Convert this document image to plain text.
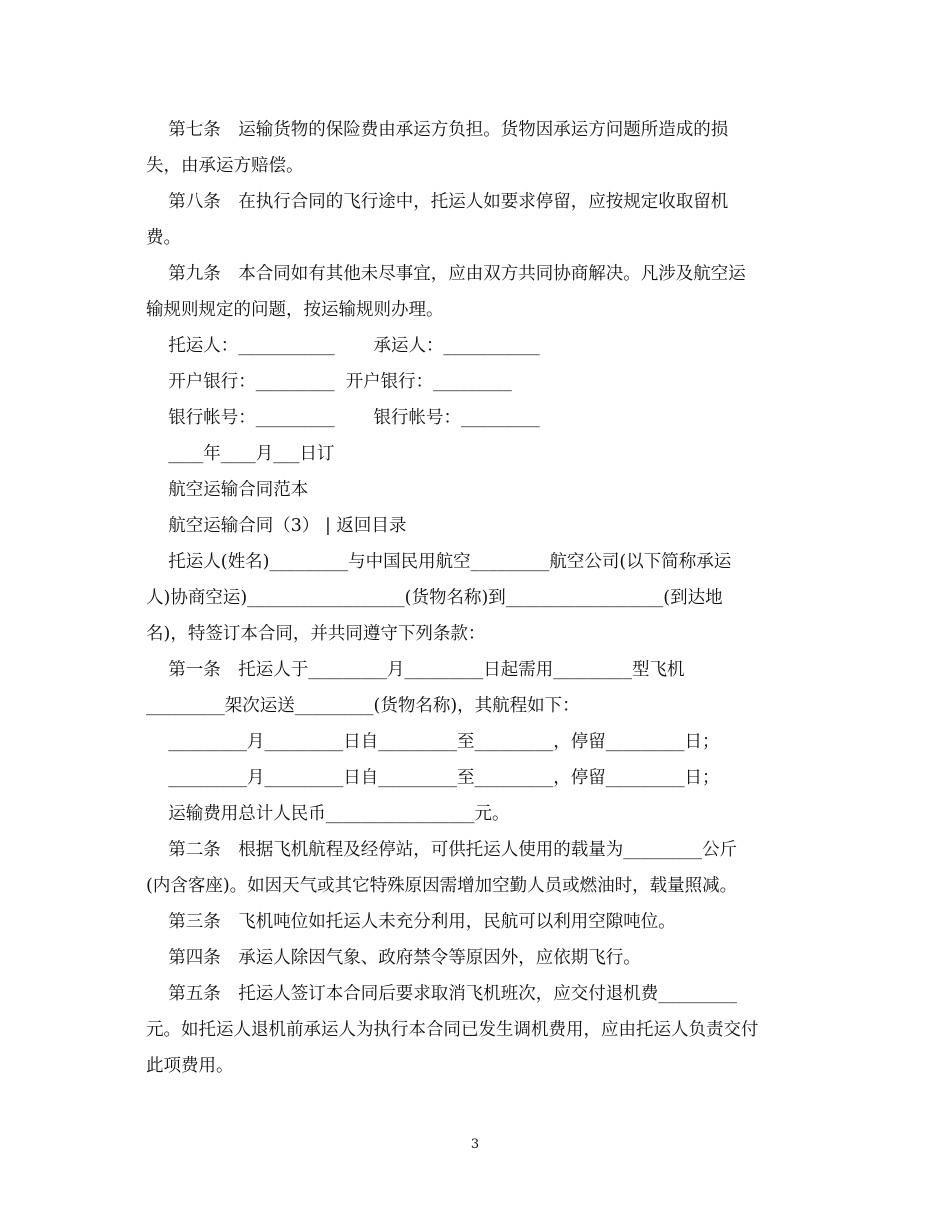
第七条　运输货物的保险费由承运方负担。货物因承运方问题所造成的损
失，由承运方赔偿。
第八条　在执行合同的飞行途中，托运人如要求停留，应按规定收取留机
费。
第九条　本合同如有其他未尽事宜，应由双方共同协商解决。凡涉及航空运
输规则规定的问题，按运输规则办理。
托运人：___________       承运人：___________
开户银行：_________  开户银行：_________
银行帐号：_________       银行帐号：_________
____年____月___日订
航空运输合同范本
航空运输合同（3） | 返回目录
托运人(姓名)_________与中国民用航空_________航空公司(以下简称承运
人)协商空运)__________________(货物名称)到__________________(到达地
名)，特签订本合同，并共同遵守下列条款：
第一条　托运人于_________月_________日起需用_________型飞机
_________架次运送_________(货物名称)，其航程如下：
_________月_________日自_________至_________，停留_________日；
_________月_________日自_________至_________，停留_________日；
运输费用总计人民币_________________元。
第二条　根据飞机航程及经停站，可供托运人使用的载量为_________公斤
(内含客座)。如因天气或其它特殊原因需增加空勤人员或燃油时，载量照减。
第三条　飞机吨位如托运人未充分利用，民航可以利用空隙吨位。
第四条　承运人除因气象、政府禁令等原因外，应依期飞行。
第五条　托运人签订本合同后要求取消飞机班次，应交付退机费_________
元。如托运人退机前承运人为执行本合同已发生调机费用，应由托运人负责交付
此项费用。
3
